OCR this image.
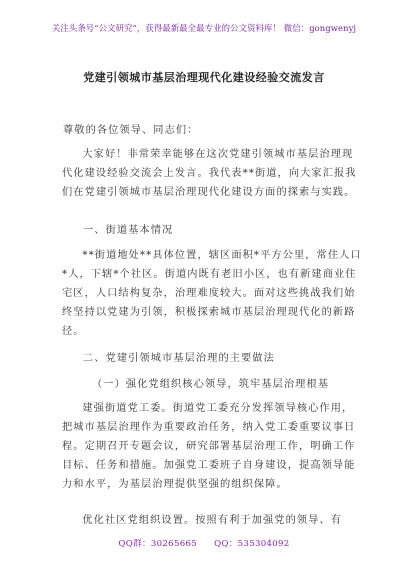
关注头条号“公文研究”，获得最新最全最专业的公文资料库！ 微信：gongwenyj
党建引领城市基层治理现代化建设经验交流发言
尊敬的各位领导、同志们：

大家好！非常荣幸能够在这次党建引领城市基层治理现代化建设经验交流会上发言。我代表**街道，向大家汇报我们在党建引领城市基层治理现代化建设方面的探索与实践。

一、街道基本情况

**街道地处**具体位置，辖区面积*平方公里，常住人口*人，下辖*个社区。街道内既有老旧小区，也有新建商业住宅区，人口结构复杂，治理难度较大。面对这些挑战我们始终坚持以党建为引领，积极探索城市基层治理现代化的新路径。

二、党建引领城市基层治理的主要做法
（一）强化党组织核心领导，筑牢基层治理根基

建强街道党工委。街道党工委充分发挥领导核心作用，把城市基层治理作为重要政治任务，纳入党工委重要议事日程。定期召开专题会议，研究部署基层治理工作，明确工作目标、任务和措施。加强党工委班子自身建设，提高领导能力和水平，为基层治理提供坚强的组织保障。

优化社区党组织设置。按照有利于加强党的领导、有

QQ群：30265665 QQ：535304092
